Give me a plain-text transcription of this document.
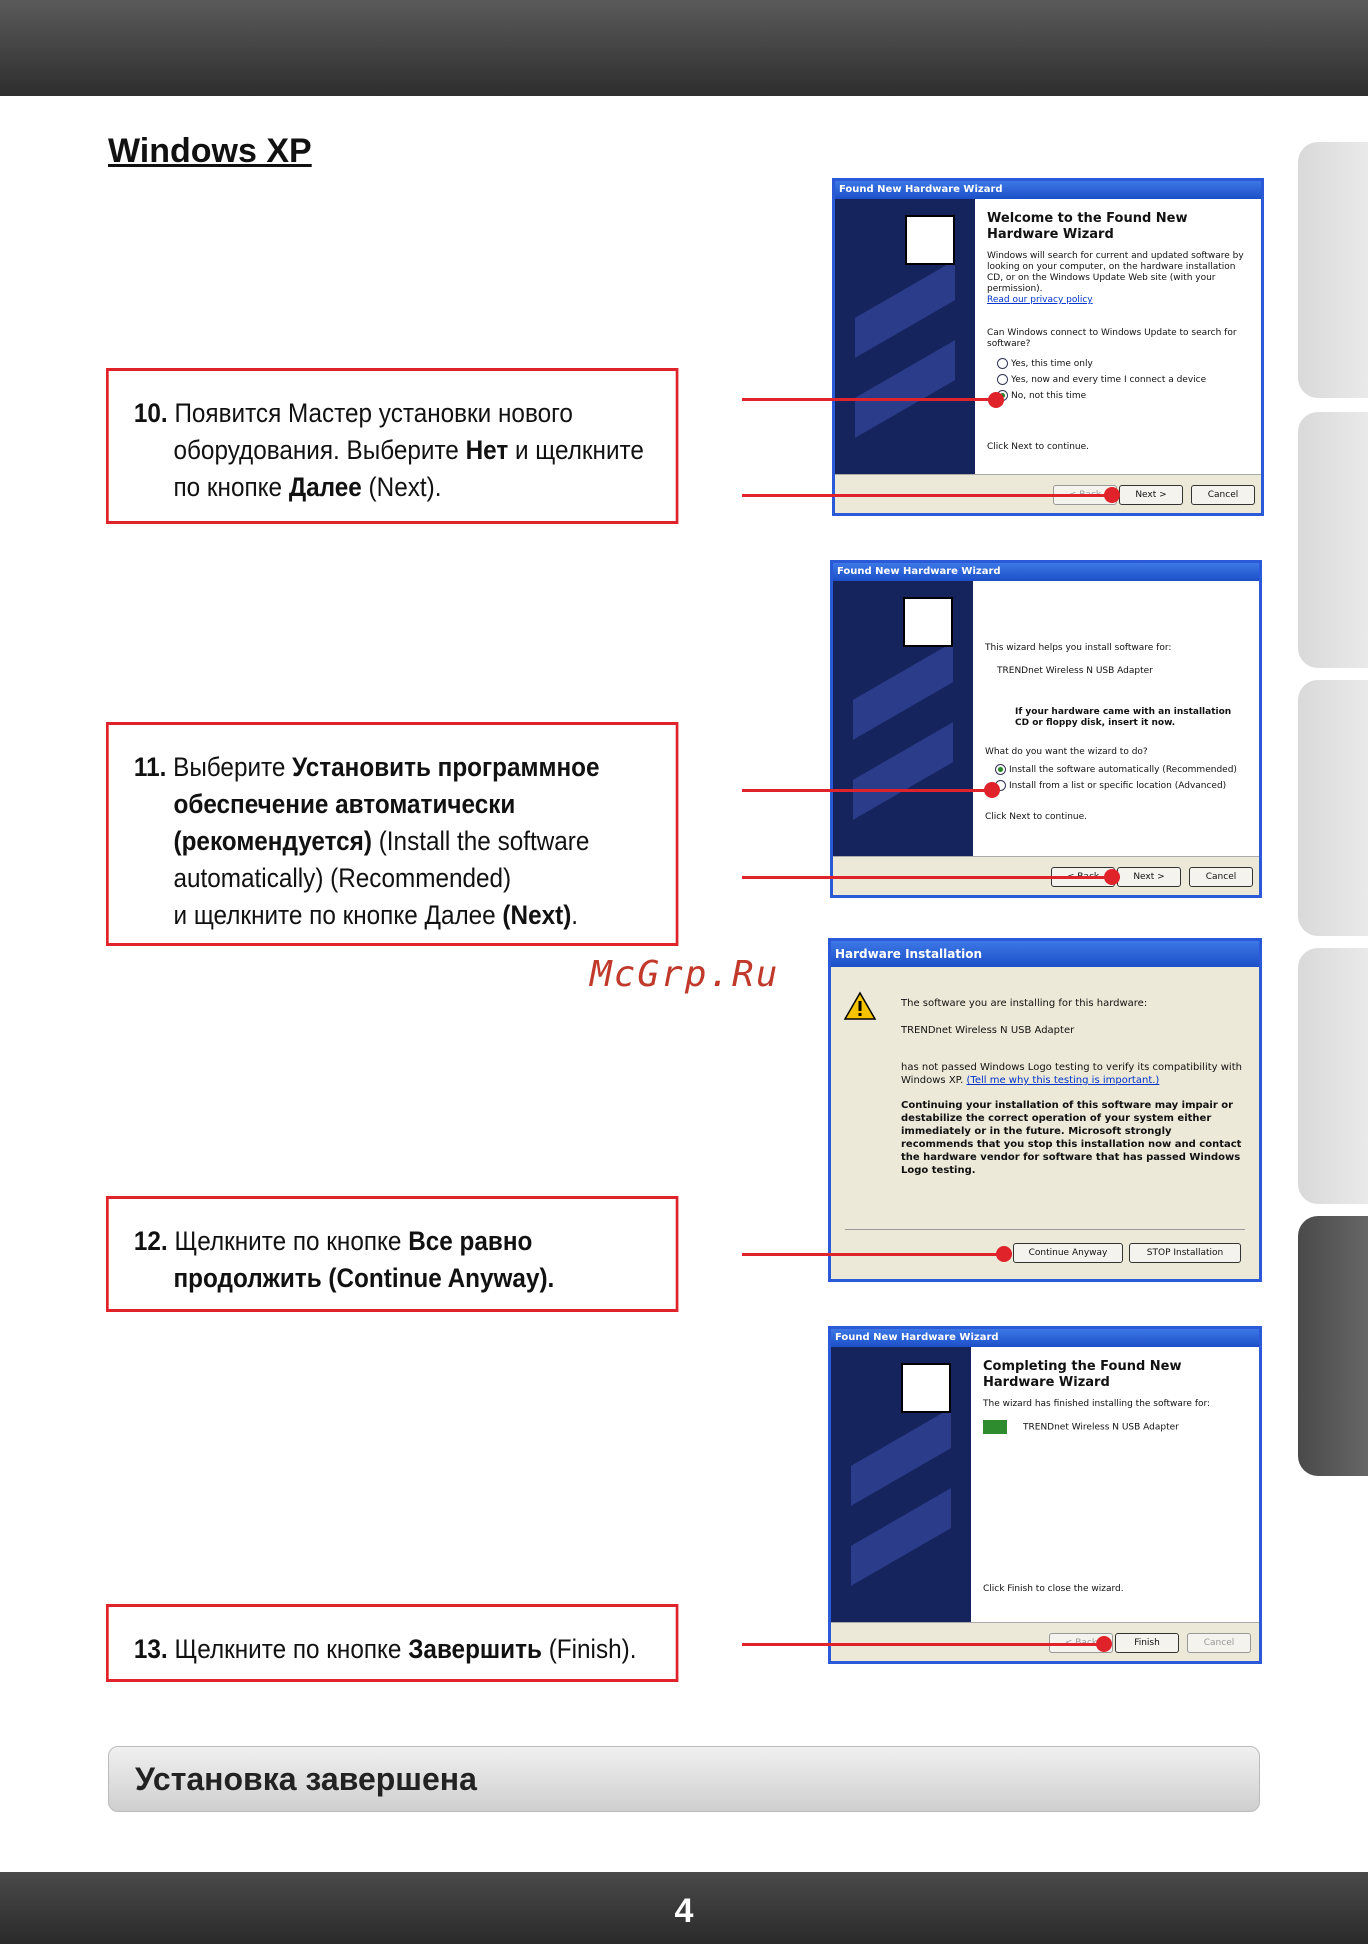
Windows XP
10. Появится Мастер установки нового
оборудования. Выберите Нет и щелкните
по кнопке Далее (Next).
11. Выберите Установить программное
обеспечение автоматически
(рекомендуется) (Install the software
automatically) (Recommended)
и щелкните по кнопке Далее (Next).
12. Щелкните по кнопке Все равно
продолжить (Continue Anyway).
13. Щелкните по кнопке Завершить (Finish).
Found New Hardware Wizard
Welcome to the Found New
Hardware Wizard
Windows will search for current and updated software by looking on your computer, on the hardware installation CD, or on the Windows Update Web site (with your permission).
Read our privacy policy
Can Windows connect to Windows Update to search for software?
Yes, this time only
Yes, now and every time I connect a device
No, not this time
Click Next to continue.
Next >	Cancel
Found New Hardware Wizard
This wizard helps you install software for:
TRENDnet Wireless N USB Adapter
If your hardware came with an installation CD or floppy disk, insert it now.
What do you want the wizard to do?
Install the software automatically (Recommended)
Install from a list or specific location (Advanced)
Click Next to continue.
Next >	Cancel
Hardware Installation
The software you are installing for this hardware:
TRENDnet Wireless N USB Adapter
has not passed Windows Logo testing to verify its compatibility with Windows XP. (Tell me why this testing is important.)
Continuing your installation of this software may impair or destabilize the correct operation of your system either immediately or in the future. Microsoft strongly recommends that you stop this installation now and contact the hardware vendor for software that has passed Windows Logo testing.
Continue Anyway	STOP Installation
Found New Hardware Wizard
Completing the Found New
Hardware Wizard
The wizard has finished installing the software for:
TRENDnet Wireless N USB Adapter
Click Finish to close the wizard.
Finish	Cancel
McGrp.Ru
Установка завершена
4
